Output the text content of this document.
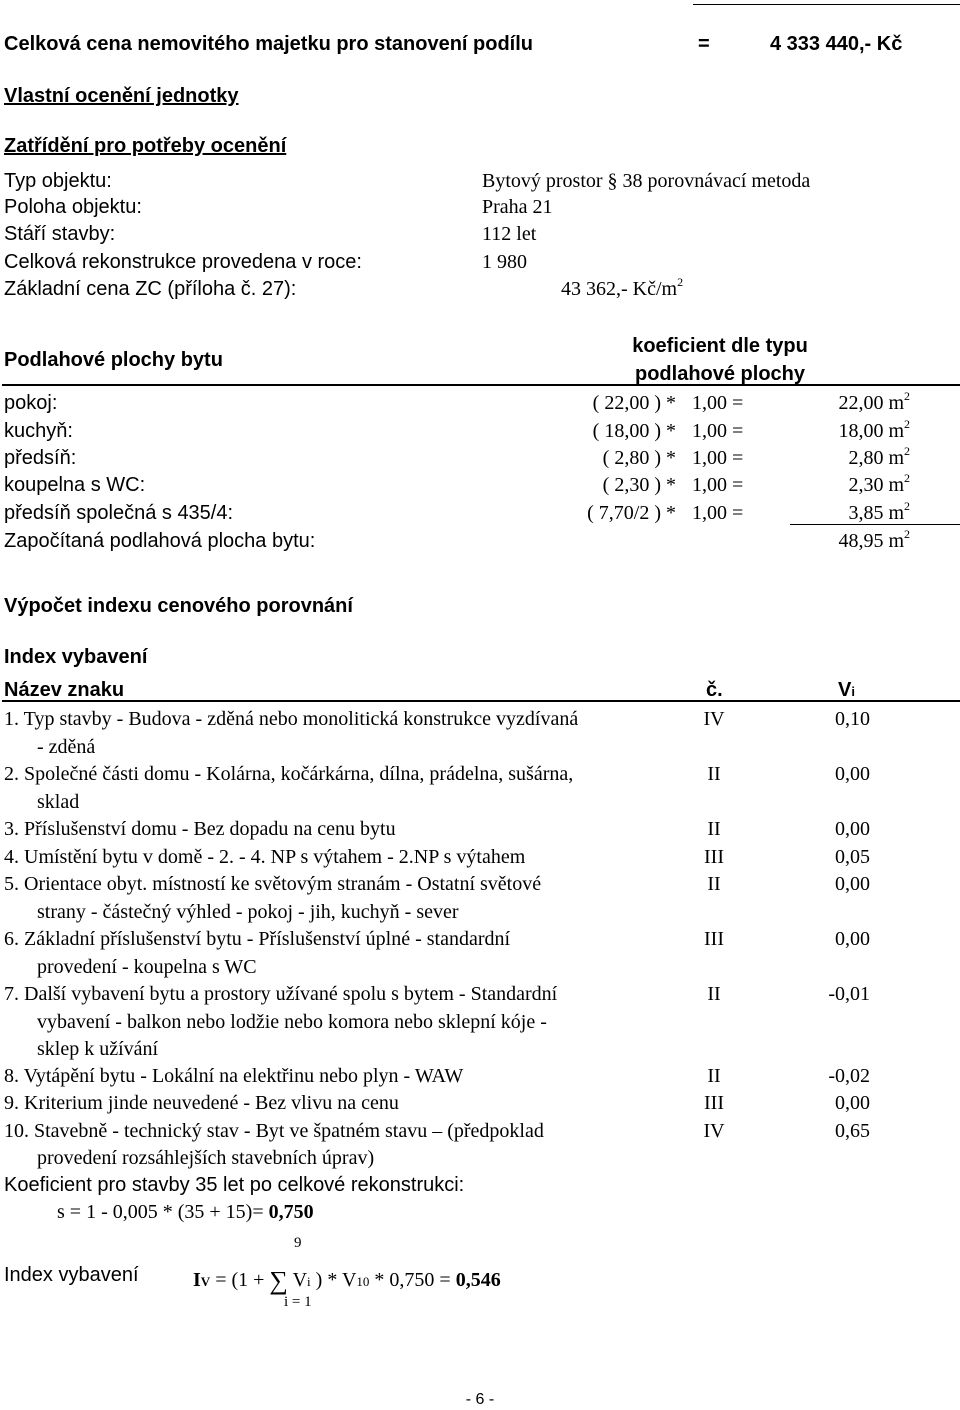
Celková cena nemovitého majetku pro stanovení podílu	=	4 333 440,- Kč
Vlastní ocenění jednotky
Zatřídění pro potřeby ocenění
Typ objektu:	Bytový prostor § 38 porovnávací metoda
Poloha objektu:	Praha 21
Stáří stavby:	112 let
Celková rekonstrukce provedena v roce:	1 980
Základní cena ZC (příloha č. 27):	43 362,- $Kč/m^2$
Podlahové plochy bytu
koeficient dle typu
podlahové plochy
pokoj:	( 22,00 ) * 1,00 =	22,00 $m^2$
kuchyň:	( 18,00 ) * 1,00 =	18,00 $m^2$
předsíň:	( 2,80 ) * 1,00 =	2,80 $m^2$
koupelna s WC:	( 2,30 ) * 1,00 =	2,30 $m^2$
předsíň společná s 435/4:	( 7,70/2 ) * 1,00 =	3,85 $m^2$
Započítaná podlahová plocha bytu:	48,95 $m^2$
Výpočet indexu cenového porovnání
Index vybavení
Název znaku	č.	Vi
1. Typ stavby - Budova - zděná nebo monolitická konstrukce vyzdívaná
- zděná
IV	0,10
2. Společné části domu - Kolárna, kočárkárna, dílna, prádelna, sušárna,
sklad
II	0,00
3. Příslušenství domu - Bez dopadu na cenu bytu	II	0,00
4. Umístění bytu v domě - 2. - 4. NP s výtahem - 2.NP s výtahem	III	0,05
5. Orientace obyt. místností ke světovým stranám - Ostatní světové
strany - částečný výhled - pokoj - jih, kuchyň - sever
II	0,00
6. Základní příslušenství bytu - Příslušenství úplné - standardní
provedení - koupelna s WC
III	0,00
7. Další vybavení bytu a prostory užívané spolu s bytem - Standardní
vybavení - balkon nebo lodžie nebo komora nebo sklepní kóje -
sklep k užívání
II	-0,01
8. Vytápění bytu - Lokální na elektřinu nebo plyn - WAW	II	-0,02
9. Kriterium jinde neuvedené - Bez vlivu na cenu	III	0,00
10. Stavebně - technický stav - Byt ve špatném stavu – (předpoklad
provedení rozsáhlejších stavebních úprav)
IV	0,65
Koeficient pro stavby 35 let po celkové rekonstrukci:
s = 1 - 0,005 * (35 + 15)= 0,750
9
Index vybavení	IV = (1 + ∑ Vi ) * V10 * 0,750 = 0,546
i = 1
- 6 -
